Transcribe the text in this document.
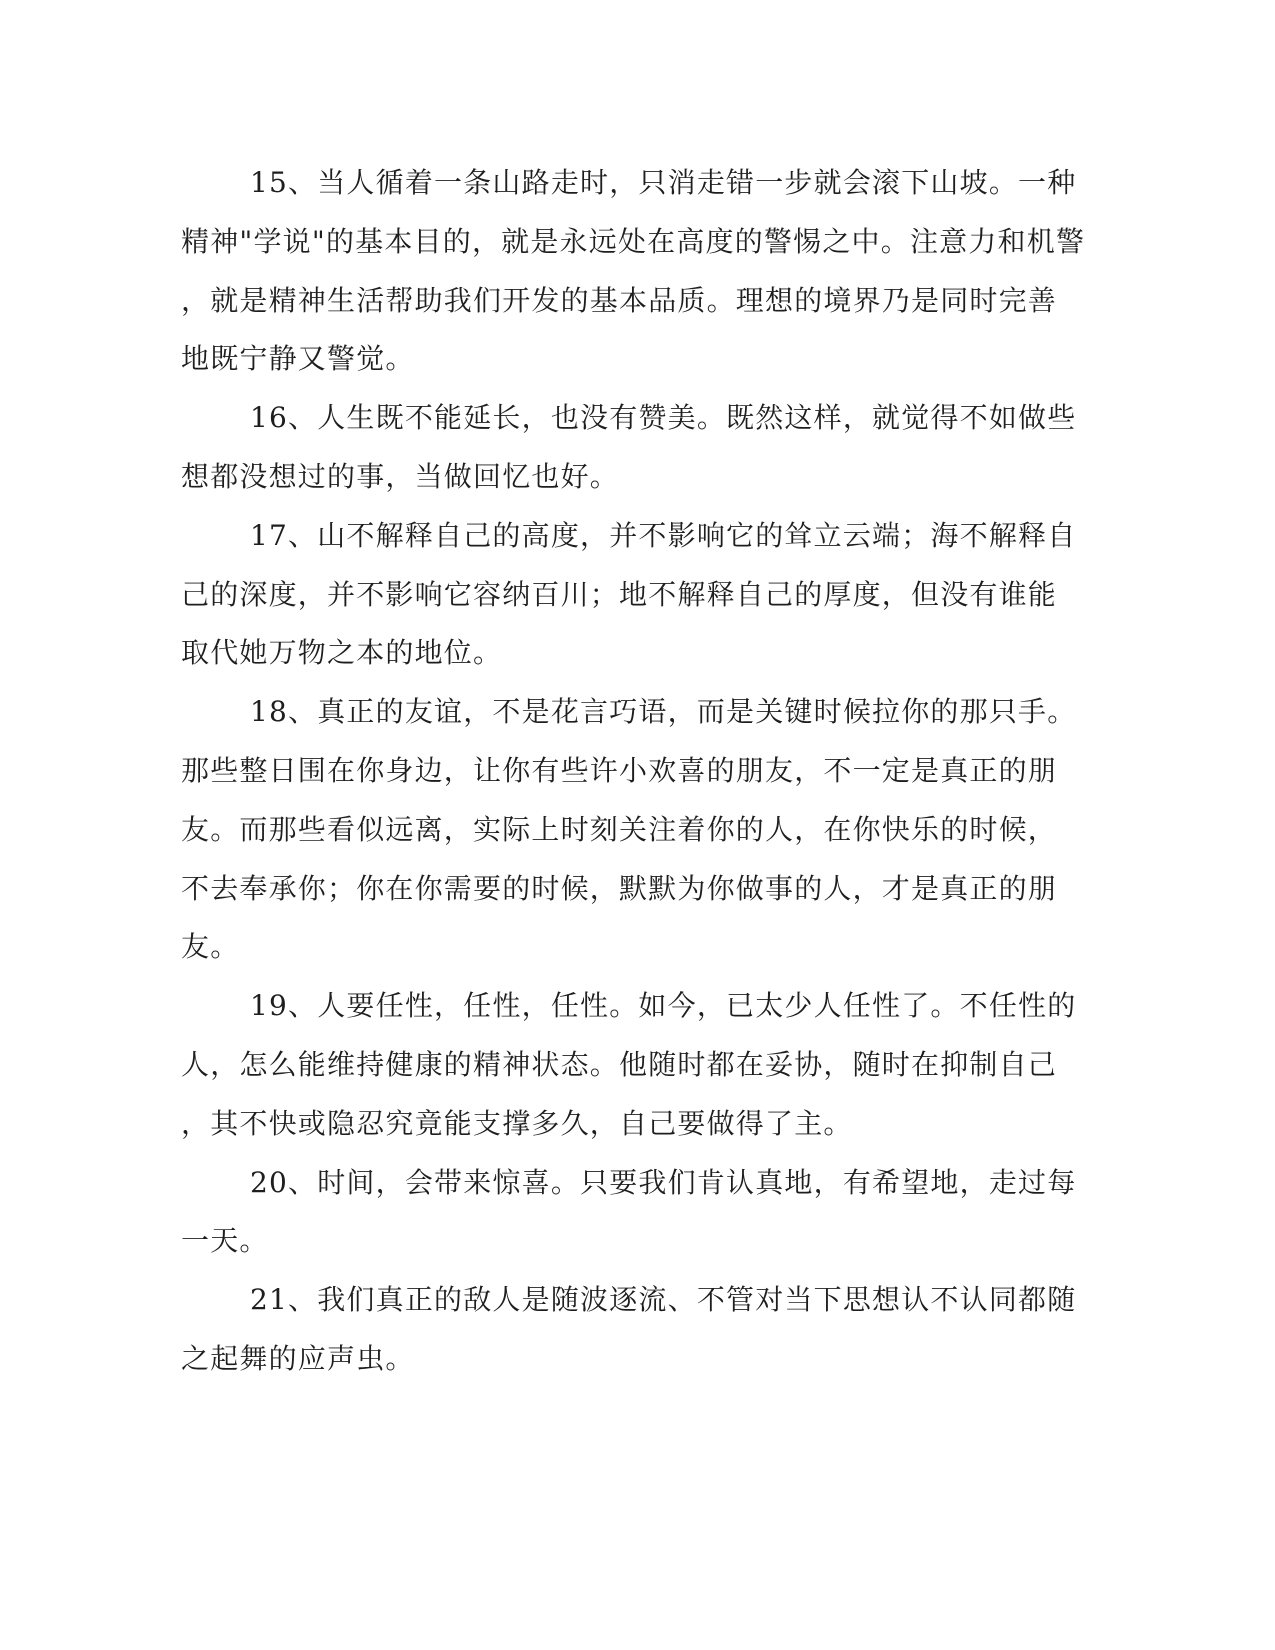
15、当人循着一条山路走时，只消走错一步就会滚下山坡。一种
精神"学说"的基本目的，就是永远处在高度的警惕之中。注意力和机警
，就是精神生活帮助我们开发的基本品质。理想的境界乃是同时完善
地既宁静又警觉。
16、人生既不能延长，也没有赞美。既然这样，就觉得不如做些
想都没想过的事，当做回忆也好。
17、山不解释自己的高度，并不影响它的耸立云端；海不解释自
己的深度，并不影响它容纳百川；地不解释自己的厚度，但没有谁能
取代她万物之本的地位。
18、真正的友谊，不是花言巧语，而是关键时候拉你的那只手。
那些整日围在你身边，让你有些许小欢喜的朋友，不一定是真正的朋
友。而那些看似远离，实际上时刻关注着你的人，在你快乐的时候，
不去奉承你；你在你需要的时候，默默为你做事的人，才是真正的朋
友。
19、人要任性，任性，任性。如今，已太少人任性了。不任性的
人，怎么能维持健康的精神状态。他随时都在妥协，随时在抑制自己
，其不快或隐忍究竟能支撑多久，自己要做得了主。
20、时间，会带来惊喜。只要我们肯认真地，有希望地，走过每
一天。
21、我们真正的敌人是随波逐流、不管对当下思想认不认同都随
之起舞的应声虫。
